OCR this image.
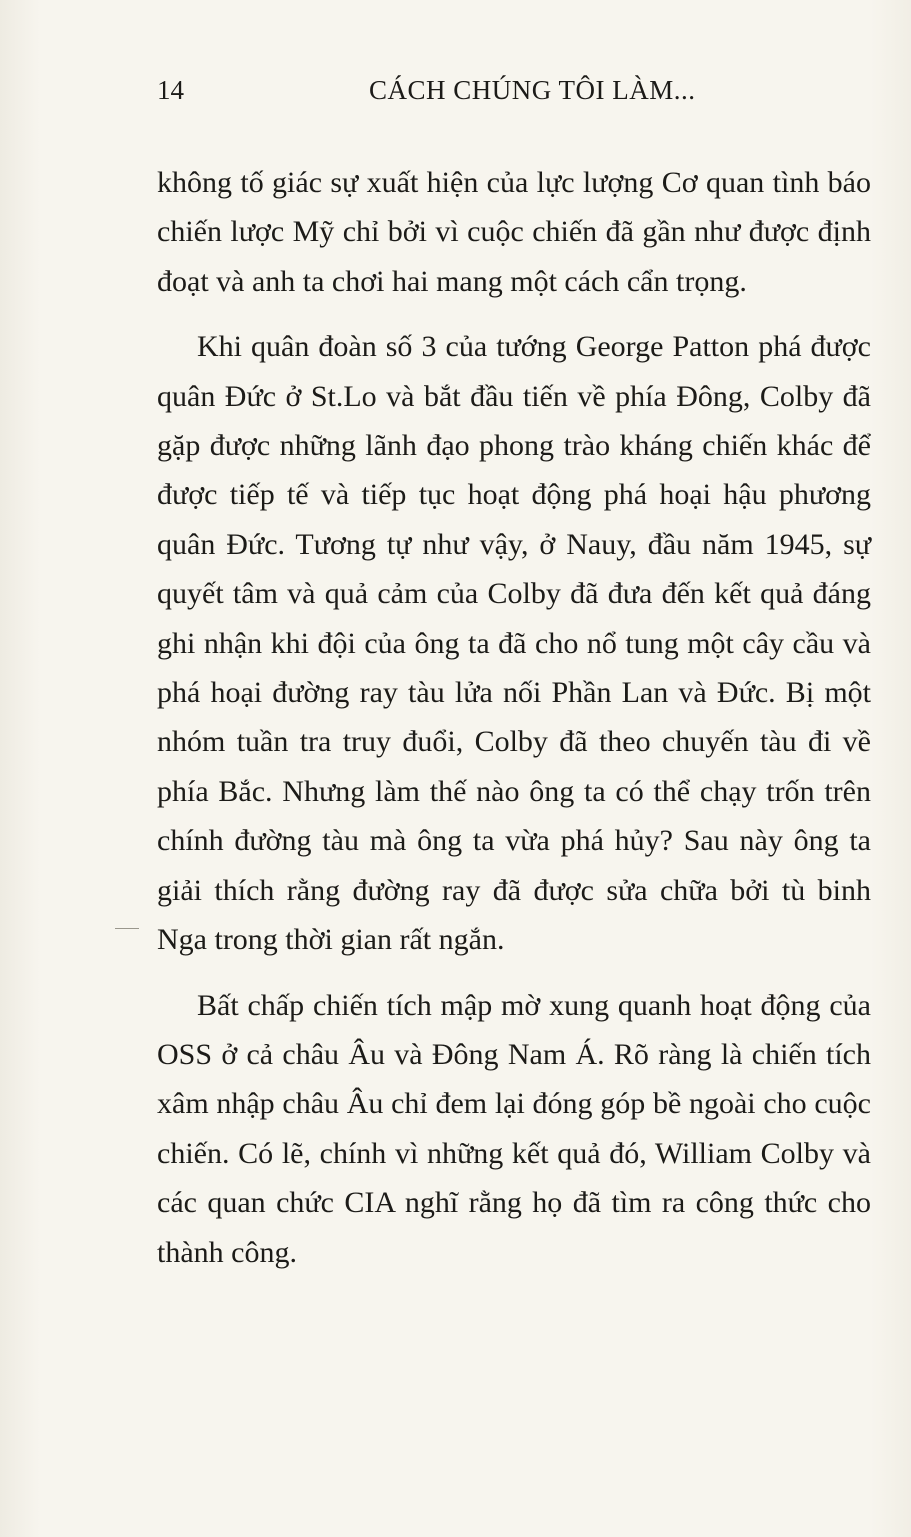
14	CÁCH CHÚNG TÔI LÀM...

không tố giác sự xuất hiện của lực lượng Cơ quan tình báo chiến lược Mỹ chỉ bởi vì cuộc chiến đã gần như được định đoạt và anh ta chơi hai mang một cách cẩn trọng.

Khi quân đoàn số 3 của tướng George Patton phá được quân Đức ở St.Lo và bắt đầu tiến về phía Đông, Colby đã gặp được những lãnh đạo phong trào kháng chiến khác để được tiếp tế và tiếp tục hoạt động phá hoại hậu phương quân Đức. Tương tự như vậy, ở Nauy, đầu năm 1945, sự quyết tâm và quả cảm của Colby đã đưa đến kết quả đáng ghi nhận khi đội của ông ta đã cho nổ tung một cây cầu và phá hoại đường ray tàu lửa nối Phần Lan và Đức. Bị một nhóm tuần tra truy đuổi, Colby đã theo chuyến tàu đi về phía Bắc. Nhưng làm thế nào ông ta có thể chạy trốn trên chính đường tàu mà ông ta vừa phá hủy? Sau này ông ta giải thích rằng đường ray đã được sửa chữa bởi tù binh Nga trong thời gian rất ngắn.

Bất chấp chiến tích mập mờ xung quanh hoạt động của OSS ở cả châu Âu và Đông Nam Á. Rõ ràng là chiến tích xâm nhập châu Âu chỉ đem lại đóng góp bề ngoài cho cuộc chiến. Có lẽ, chính vì những kết quả đó, William Colby và các quan chức CIA nghĩ rằng họ đã tìm ra công thức cho thành công.
